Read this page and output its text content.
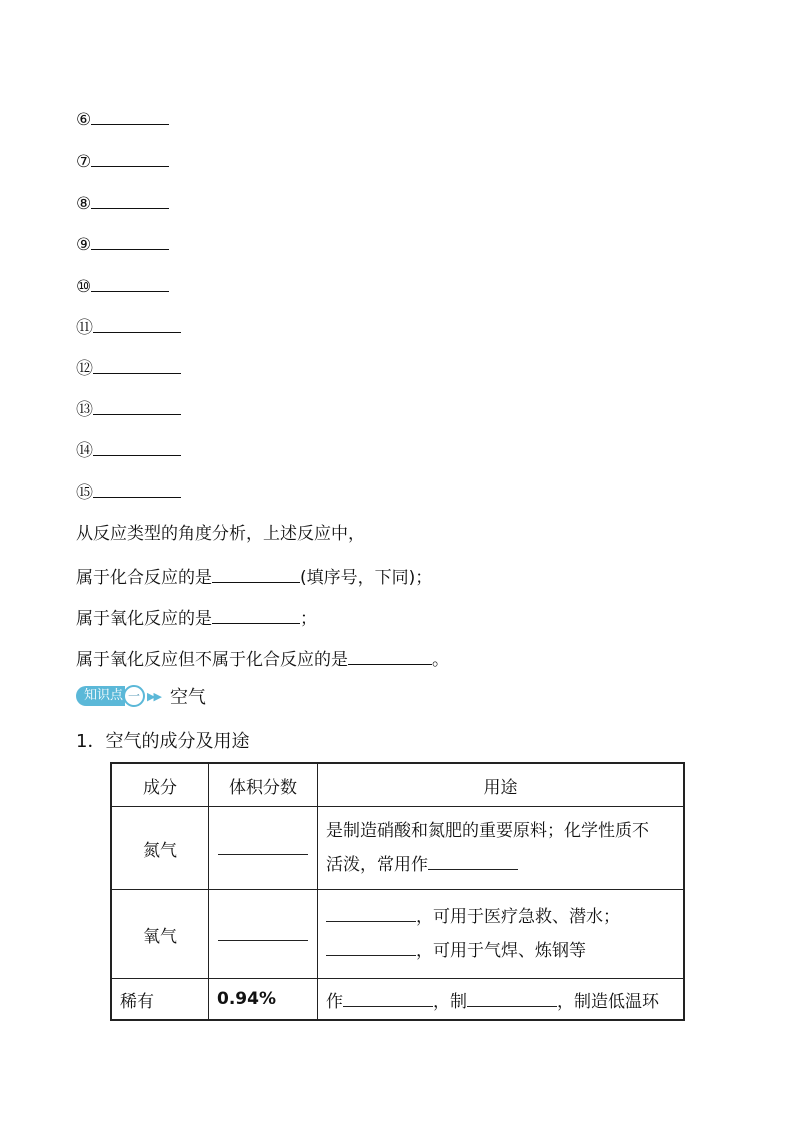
⑥
⑦
⑧
⑨
⑩
⑪
⑫
⑬
⑭
⑮
从反应类型的角度分析，上述反应中，
属于化合反应的是	(填序号，下同)；
属于氧化反应的是	；
属于氧化反应但不属于化合反应的是	。
知识点 一 ▶▶ 空气
1．空气的成分及用途
成分	体积分数	用途
氮气		是制造硝酸和氮肥的重要原料；化学性质不
活泼，常用作

氧气		，可用于医疗急救、潜水；
，可用于气焊、炼钢等

稀有	0.94%	作 ，制 ，制造低温环
